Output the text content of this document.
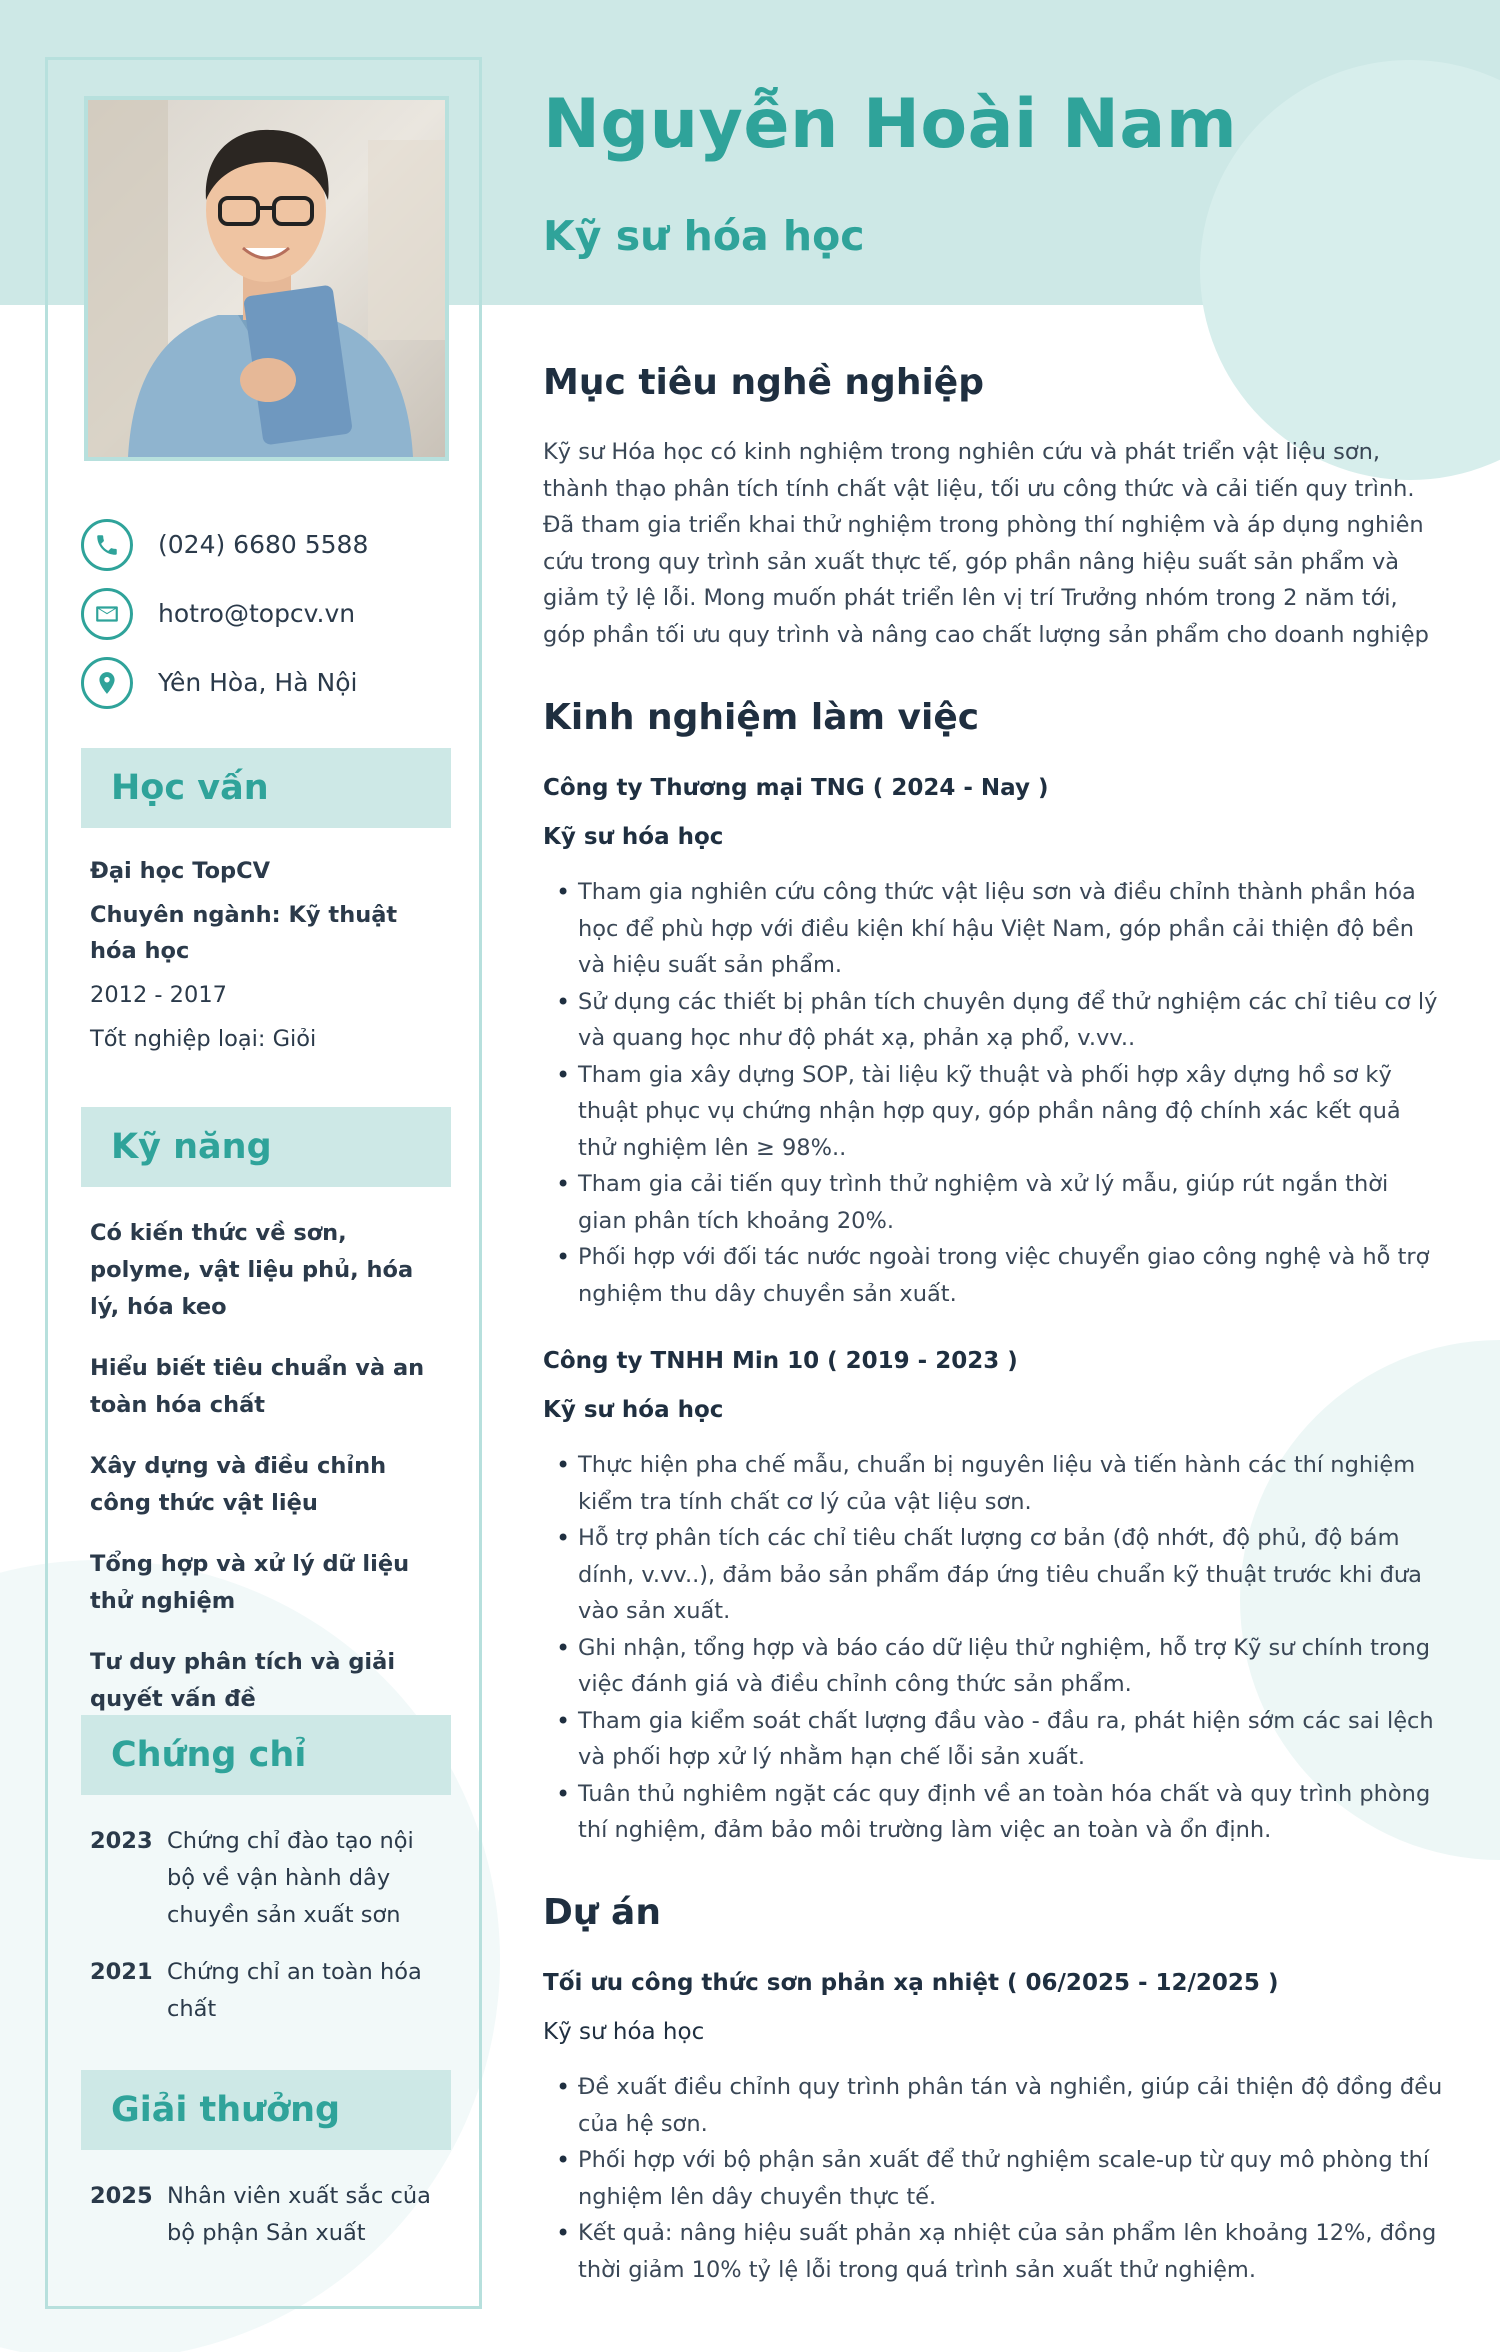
(024) 6680 5588
hotro@topcv.vn
Yên Hòa, Hà Nội
Học vấn
Đại học TopCV
Chuyên ngành: Kỹ thuật hóa học
2012 - 2017
Tốt nghiệp loại: Giỏi
Kỹ năng
Có kiến thức về sơn, polyme, vật liệu phủ, hóa lý, hóa keo
Hiểu biết tiêu chuẩn và an toàn hóa chất
Xây dựng và điều chỉnh công thức vật liệu
Tổng hợp và xử lý dữ liệu thử nghiệm
Tư duy phân tích và giải quyết vấn đề
Chứng chỉ
2023 Chứng chỉ đào tạo nội bộ về vận hành dây chuyền sản xuất sơn
2021 Chứng chỉ an toàn hóa chất
Giải thưởng
2025 Nhân viên xuất sắc của bộ phận Sản xuất
Nguyễn Hoài Nam
Kỹ sư hóa học
Mục tiêu nghề nghiệp

Kỹ sư Hóa học có kinh nghiệm trong nghiên cứu và phát triển vật liệu sơn, thành thạo phân tích tính chất vật liệu, tối ưu công thức và cải tiến quy trình. Đã tham gia triển khai thử nghiệm trong phòng thí nghiệm và áp dụng nghiên cứu trong quy trình sản xuất thực tế, góp phần nâng hiệu suất sản phẩm và giảm tỷ lệ lỗi. Mong muốn phát triển lên vị trí Trưởng nhóm trong 2 năm tới, góp phần tối ưu quy trình và nâng cao chất lượng sản phẩm cho doanh nghiệp

Kinh nghiệm làm việc
Công ty Thương mại TNG ( 2024 - Nay )
Kỹ sư hóa học
• Tham gia nghiên cứu công thức vật liệu sơn và điều chỉnh thành phần hóa học để phù hợp với điều kiện khí hậu Việt Nam, góp phần cải thiện độ bền và hiệu suất sản phẩm.
• Sử dụng các thiết bị phân tích chuyên dụng để thử nghiệm các chỉ tiêu cơ lý và quang học như độ phát xạ, phản xạ phổ, v.vv..
• Tham gia xây dựng SOP, tài liệu kỹ thuật và phối hợp xây dựng hồ sơ kỹ thuật phục vụ chứng nhận hợp quy, góp phần nâng độ chính xác kết quả thử nghiệm lên ≥ 98%..
• Tham gia cải tiến quy trình thử nghiệm và xử lý mẫu, giúp rút ngắn thời gian phân tích khoảng 20%.
• Phối hợp với đối tác nước ngoài trong việc chuyển giao công nghệ và hỗ trợ nghiệm thu dây chuyền sản xuất.
Công ty TNHH Min 10 ( 2019 - 2023 )
Kỹ sư hóa học
• Thực hiện pha chế mẫu, chuẩn bị nguyên liệu và tiến hành các thí nghiệm kiểm tra tính chất cơ lý của vật liệu sơn.
• Hỗ trợ phân tích các chỉ tiêu chất lượng cơ bản (độ nhớt, độ phủ, độ bám dính, v.vv..), đảm bảo sản phẩm đáp ứng tiêu chuẩn kỹ thuật trước khi đưa vào sản xuất.
• Ghi nhận, tổng hợp và báo cáo dữ liệu thử nghiệm, hỗ trợ Kỹ sư chính trong việc đánh giá và điều chỉnh công thức sản phẩm.
• Tham gia kiểm soát chất lượng đầu vào - đầu ra, phát hiện sớm các sai lệch và phối hợp xử lý nhằm hạn chế lỗi sản xuất.
• Tuân thủ nghiêm ngặt các quy định về an toàn hóa chất và quy trình phòng thí nghiệm, đảm bảo môi trường làm việc an toàn và ổn định.
Dự án
Tối ưu công thức sơn phản xạ nhiệt ( 06/2025 - 12/2025 )
Kỹ sư hóa học
• Đề xuất điều chỉnh quy trình phân tán và nghiền, giúp cải thiện độ đồng đều của hệ sơn.
• Phối hợp với bộ phận sản xuất để thử nghiệm scale-up từ quy mô phòng thí nghiệm lên dây chuyền thực tế.
• Kết quả: nâng hiệu suất phản xạ nhiệt của sản phẩm lên khoảng 12%, đồng thời giảm 10% tỷ lệ lỗi trong quá trình sản xuất thử nghiệm.
